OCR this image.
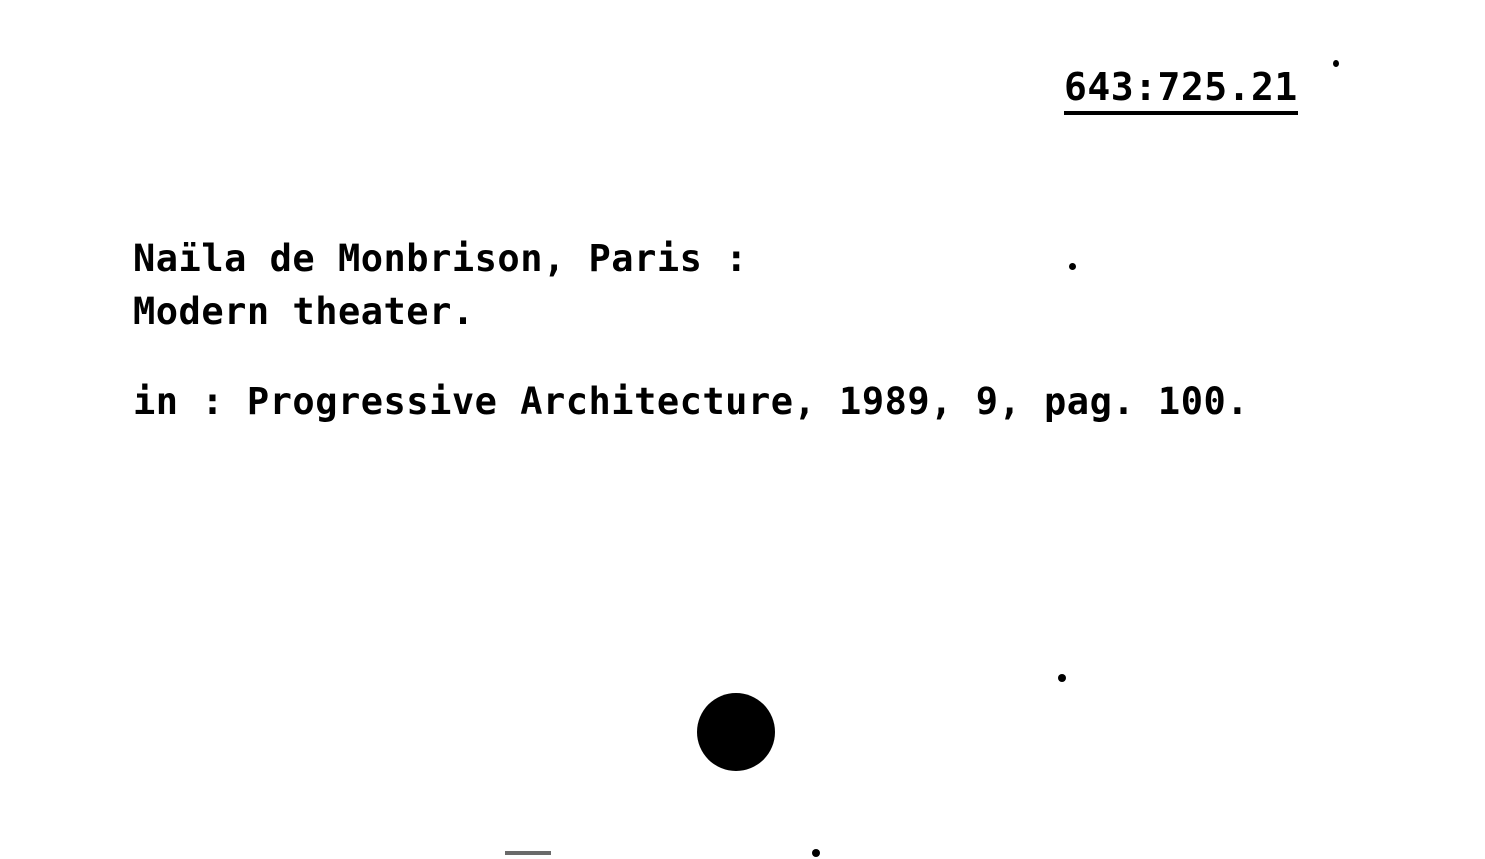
643:725.21
Naïla de Monbrison, Paris :
Modern theater.
in : Progressive Architecture, 1989, 9, pag. 100.
